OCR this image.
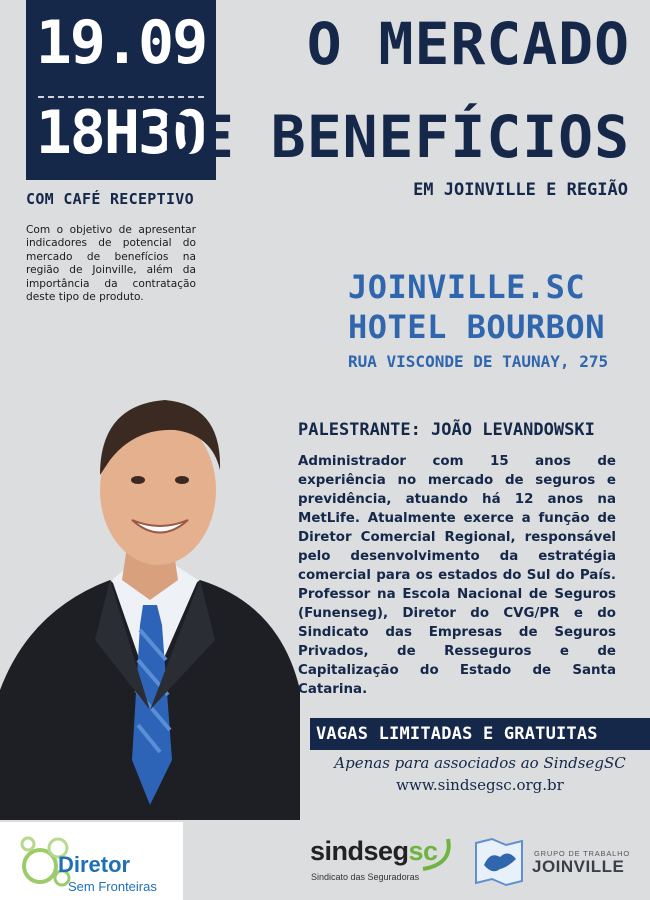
19.09
18H30
COM CAFÉ RECEPTIVO
Com o objetivo de apresentar indicadores de potencial do mercado de benefícios na região de Joinville, além da importância da contratação deste tipo de produto.
O MERCADO
DE BENEFÍCIOS
EM JOINVILLE E REGIÃO
JOINVILLE.SC
HOTEL BOURBON
RUA VISCONDE DE TAUNAY, 275
PALESTRANTE: JOÃO LEVANDOWSKI
Administrador com 15 anos de experiência no mercado de seguros e previdência, atuando há 12 anos na MetLife. Atualmente exerce a função de Diretor Comercial Regional, responsável pelo desenvolvimento da estratégia comercial para os estados do Sul do País. Professor na Escola Nacional de Seguros (Funenseg), Diretor do CVG/PR e do Sindicato das Empresas de Seguros Privados, de Resseguros e de Capitalização do Estado de Santa Catarina.
VAGAS LIMITADAS E GRATUITAS
Apenas para associados ao SindsegSC
www.sindsegsc.org.br
Diretor
Sem Fronteiras
sindsegsc
Sindicato das Seguradoras
GRUPO DE TRABALHO
JOINVILLE
